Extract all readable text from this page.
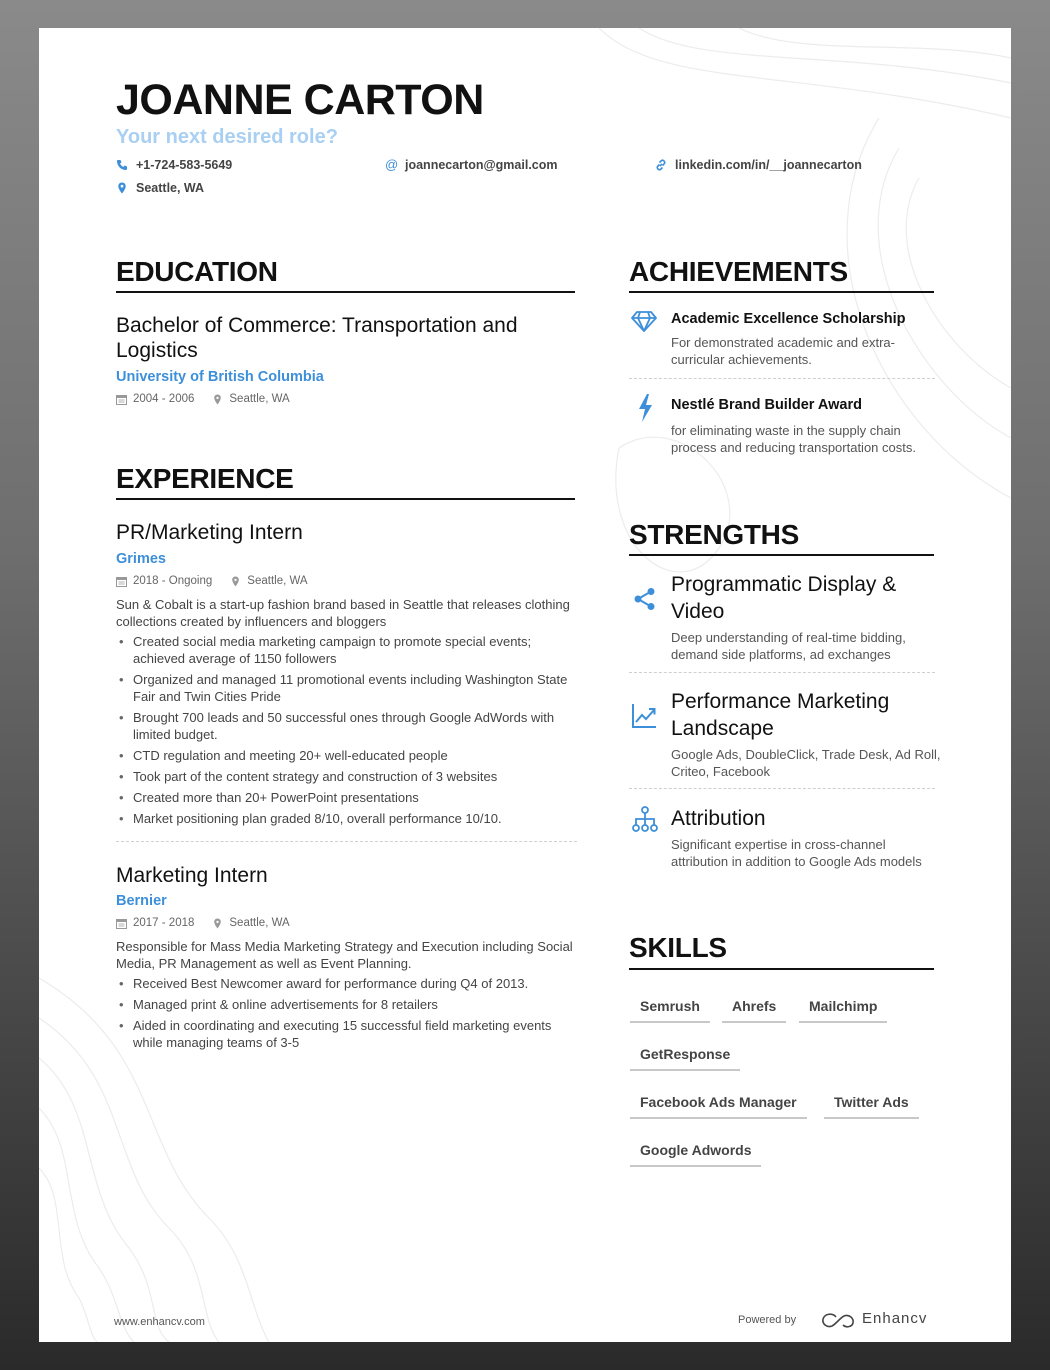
JOANNE CARTON
Your next desired role?
+1-724-583-5649	@ joannecarton@gmail.com	linkedin.com/in/__joannecarton
Seattle, WA
EDUCATION
Bachelor of Commerce: Transportation and Logistics
University of British Columbia
2004 - 2006	Seattle, WA
EXPERIENCE
PR/Marketing Intern
Grimes
2018 - Ongoing	Seattle, WA
Sun & Cobalt is a start-up fashion brand based in Seattle that releases clothing collections created by influencers and bloggers
• Created social media marketing campaign to promote special events; achieved average of 1150 followers
• Organized and managed 11 promotional events including Washington State Fair and Twin Cities Pride
• Brought 700 leads and 50 successful ones through Google AdWords with limited budget.
• CTD regulation and meeting 20+ well-educated people
• Took part of the content strategy and construction of 3 websites
• Created more than 20+ PowerPoint presentations
• Market positioning plan graded 8/10, overall performance 10/10.
Marketing Intern
Bernier
2017 - 2018	Seattle, WA
Responsible for Mass Media Marketing Strategy and Execution including Social Media, PR Management as well as Event Planning.
• Received Best Newcomer award for performance during Q4 of 2013.
• Managed print & online advertisements for 8 retailers
• Aided in coordinating and executing 15 successful field marketing events while managing teams of 3-5
ACHIEVEMENTS
Academic Excellence Scholarship
For demonstrated academic and extra-curricular achievements.
Nestlé Brand Builder Award
for eliminating waste in the supply chain process and reducing transportation costs.
STRENGTHS
Programmatic Display & Video
Deep understanding of real-time bidding, demand side platforms, ad exchanges
Performance Marketing Landscape
Google Ads, DoubleClick, Trade Desk, Ad Roll, Criteo, Facebook
Attribution
Significant expertise in cross-channel attribution in addition to Google Ads models
SKILLS
Semrush	Ahrefs	Mailchimp
GetResponse
Facebook Ads Manager	Twitter Ads
Google Adwords
www.enhancv.com	Powered by	Enhancv
